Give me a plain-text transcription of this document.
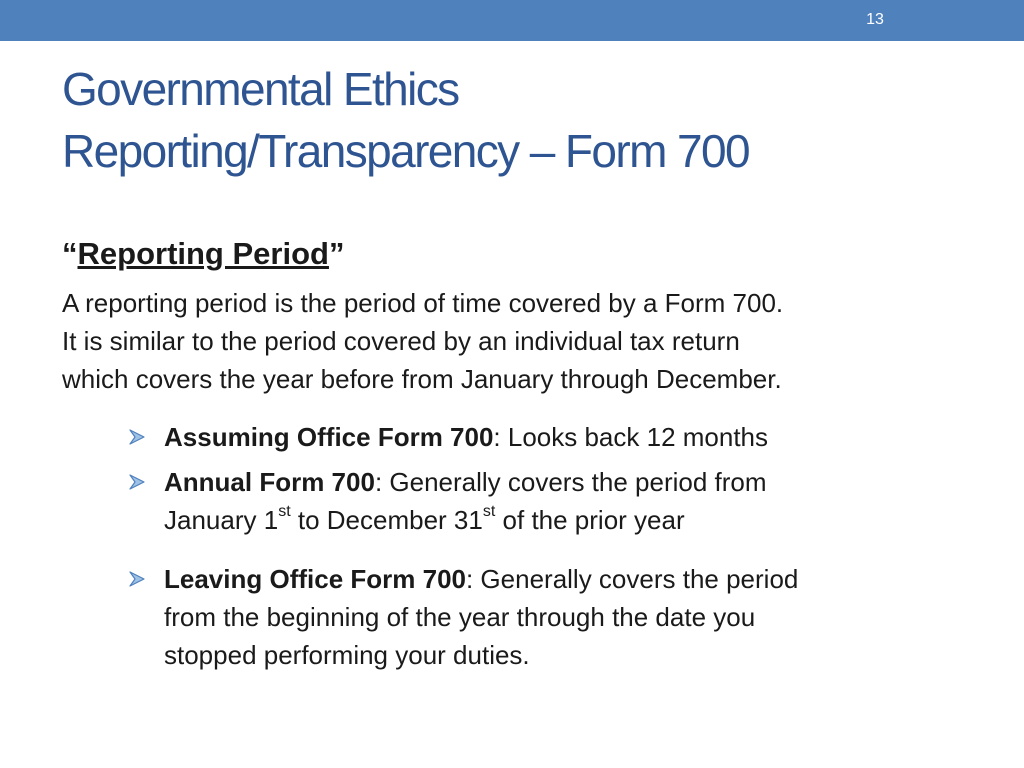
13
Governmental Ethics
Reporting/Transparency – Form 700
“Reporting Period”

A reporting period is the period of time covered by a Form 700.
It is similar to the period covered by an individual tax return
which covers the year before from January through December.

Assuming Office Form 700: Looks back 12 months
Annual Form 700: Generally covers the period from
January 1st to December 31st of the prior year
Leaving Office Form 700: Generally covers the period
from the beginning of the year through the date you
stopped performing your duties.
